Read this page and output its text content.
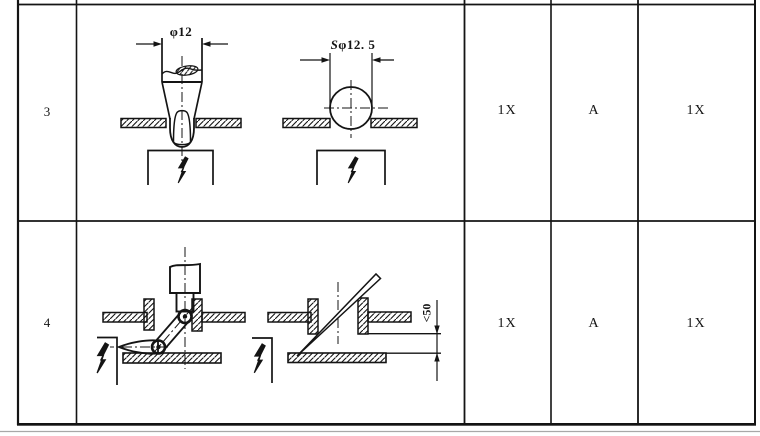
3	1X	A	1X
4	1X	A	1X
φ12
Sφ12. 5
<50
